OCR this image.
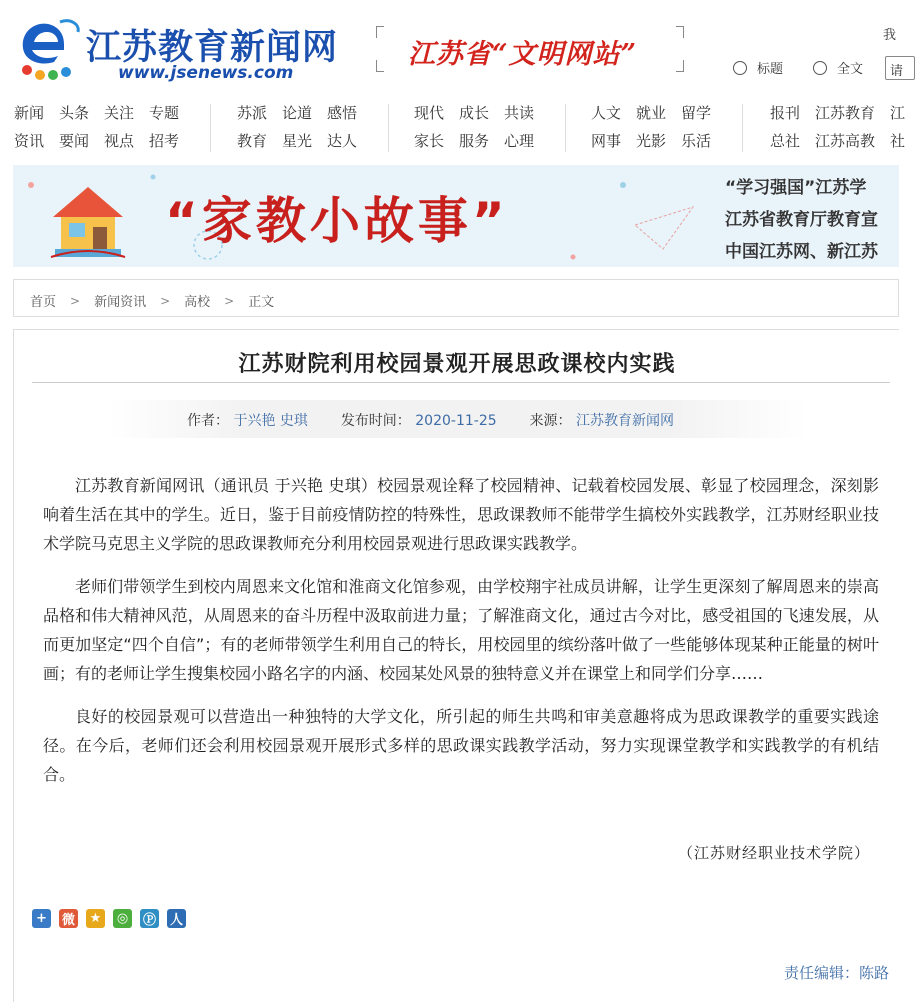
江苏教育新闻网
www.jsenews.com
江苏省“文明网站”
我
标题	全文	请
新闻 头条 关注 专题
资讯 要闻 视点 招考
苏派 论道 感悟
教育 星光 达人
现代 成长 共读
家长 服务 心理
人文 就业 留学
网事 光影 乐活
报刊 江苏教育 江
总社 江苏高教 社
“家教小故事”
“学习强国”江苏学
江苏省教育厅教育宣
中国江苏网、新江苏
首页 > 新闻资讯 > 高校 > 正文
江苏财院利用校园景观开展思政课校内实践
作者： 于兴艳 史琪 发布时间： 2020-11-25 来源： 江苏教育新闻网

江苏教育新闻网讯（通讯员 于兴艳 史琪）校园景观诠释了校园精神、记载着校园发展、彰显了校园理念，深刻影响着生活在其中的学生。近日，鉴于目前疫情防控的特殊性，思政课教师不能带学生搞校外实践教学，江苏财经职业技术学院马克思主义学院的思政课教师充分利用校园景观进行思政课实践教学。

老师们带领学生到校内周恩来文化馆和淮商文化馆参观，由学校翔宇社成员讲解，让学生更深刻了解周恩来的崇高品格和伟大精神风范，从周恩来的奋斗历程中汲取前进力量；了解淮商文化，通过古今对比，感受祖国的飞速发展，从而更加坚定“四个自信”；有的老师带领学生利用自己的特长，用校园里的缤纷落叶做了一些能够体现某种正能量的树叶画；有的老师让学生搜集校园小路名字的内涵、校园某处风景的独特意义并在课堂上和同学们分享……

良好的校园景观可以营造出一种独特的大学文化，所引起的师生共鸣和审美意趣将成为思政课教学的重要实践途径。在今后，老师们还会利用校园景观开展形式多样的思政课实践教学活动，努力实现课堂教学和实践教学的有机结合。

（江苏财经职业技术学院）
+	微 ★ ◎ Ⓟ 人
责任编辑：陈路
